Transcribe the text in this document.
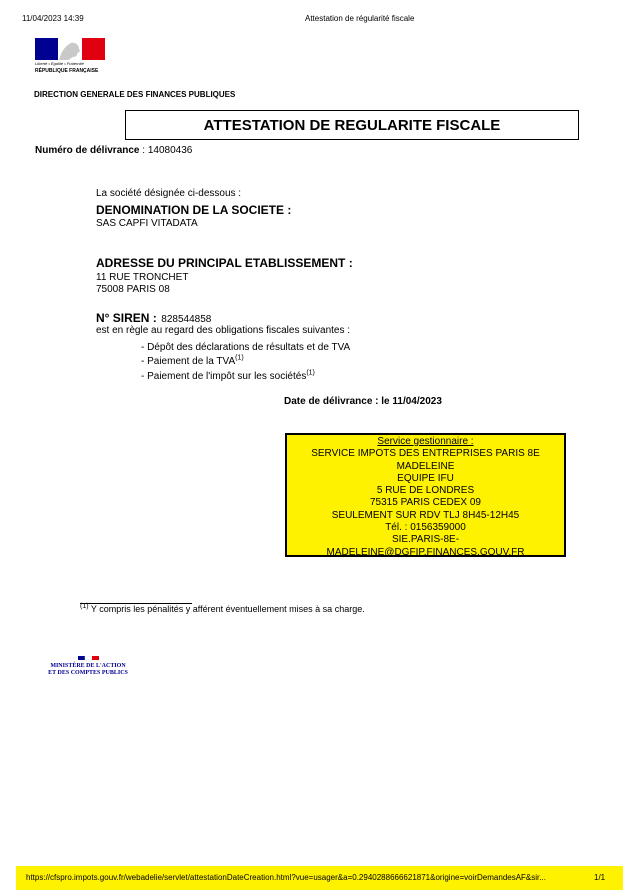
11/04/2023 14:39	Attestation de régularité fiscale
Liberté • Égalité • Fraternité
RÉPUBLIQUE FRANÇAISE
DIRECTION GENERALE DES FINANCES PUBLIQUES
ATTESTATION DE REGULARITE FISCALE
Numéro de délivrance : 14080436
La société désignée ci-dessous :
DENOMINATION DE LA SOCIETE :
SAS CAPFI VITADATA
ADRESSE DU PRINCIPAL ETABLISSEMENT :
11 RUE TRONCHET
75008 PARIS 08
N° SIREN : 828544858
est en règle au regard des obligations fiscales suivantes :
- Dépôt des déclarations de résultats et de TVA
- Paiement de la TVA$^{(1)}$
- Paiement de l'impôt sur les sociétés$^{(1)}$
Date de délivrance : le 11/04/2023
Service gestionnaire :
SERVICE IMPOTS DES ENTREPRISES PARIS 8E
MADELEINE
EQUIPE IFU
5 RUE DE LONDRES
75315 PARIS CEDEX 09
SEULEMENT SUR RDV TLJ 8H45-12H45
Tél. : 0156359000
SIE.PARIS-8E-
MADELEINE@DGFIP.FINANCES.GOUV.FR
$^{(1)}$ Y compris les pénalités y afférent éventuellement mises à sa charge.
MINISTÈRE DE L'ACTION
ET DES COMPTES PUBLICS
https://cfspro.impots.gouv.fr/webadelie/servlet/attestationDateCreation.html?vue=usager&a=0.2940288666621871&origine=voirDemandesAF&sir...	1/1
